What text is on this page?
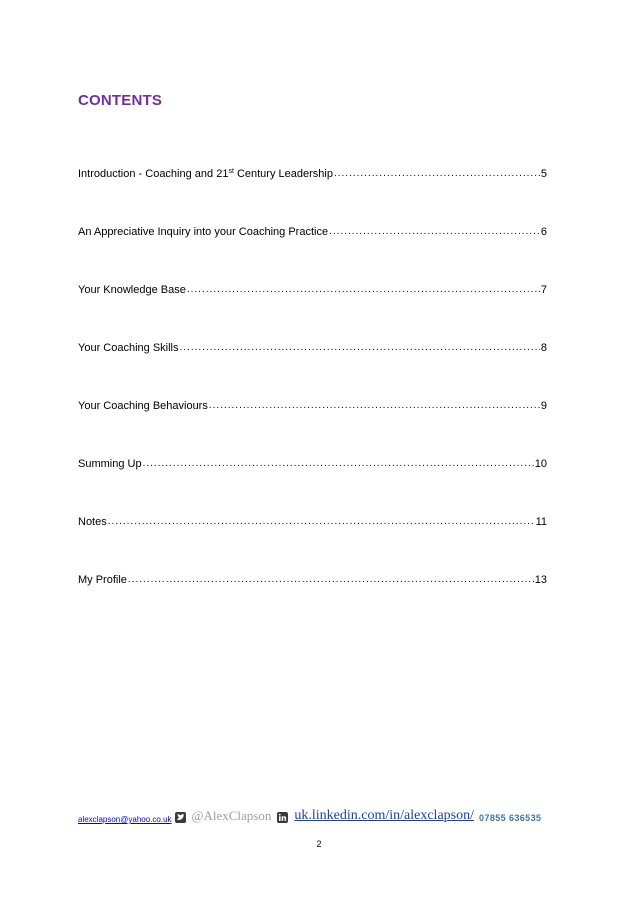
CONTENTS
Introduction - Coaching and 21st Century Leadership .....	5
An Appreciative Inquiry into your Coaching Practice .....	6
Your Knowledge Base .....	7
Your Coaching Skills .....	8
Your Coaching Behaviours .....	9
Summing Up .....	10
Notes .....	11
My Profile .....	13
alexclapson@yahoo.co.uk @AlexClapson uk.linkedin.com/in/alexclapson/ 07855 636535
2
